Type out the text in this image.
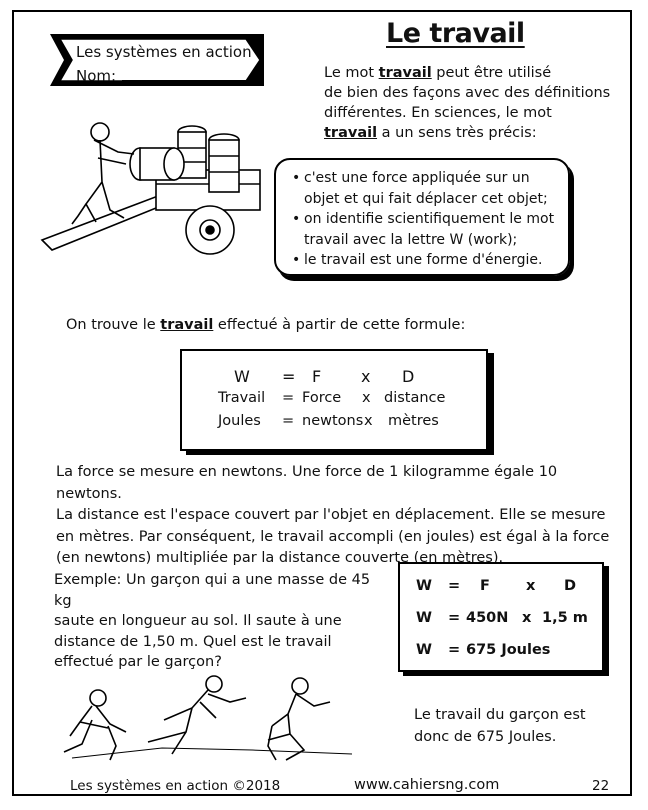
Les systèmes en action
Nom:
Le travail
Le mot travail peut être utilisé
de bien des façons avec des définitions
différentes. En sciences, le mot
travail a un sens très précis:
• c'est une force appliquée sur un objet et qui fait déplacer cet objet;
• on identifie scientifiquement le mot travail avec la lettre W (work);
• le travail est une forme d'énergie.
On trouve le travail effectué à partir de cette formule:
W = F x D
Travail = Force x distance
Joules = newtons x mètres
La force se mesure en newtons. Une force de 1 kilogramme égale 10 newtons.
La distance est l'espace couvert par l'objet en déplacement. Elle se mesure
en mètres. Par conséquent, le travail accompli (en joules) est égal à la force
(en newtons) multipliée par la distance couverte (en mètres).
Exemple: Un garçon qui a une masse de 45 kg
saute en longueur au sol. Il saute à une
distance de 1,50 m. Quel est le travail
effectué par le garçon?
W = F x D
W = 450N x 1,5 m
W = 675 Joules
Le travail du garçon est
donc de 675 Joules.
Les systèmes en action ©2018	www.cahiersng.com	22
